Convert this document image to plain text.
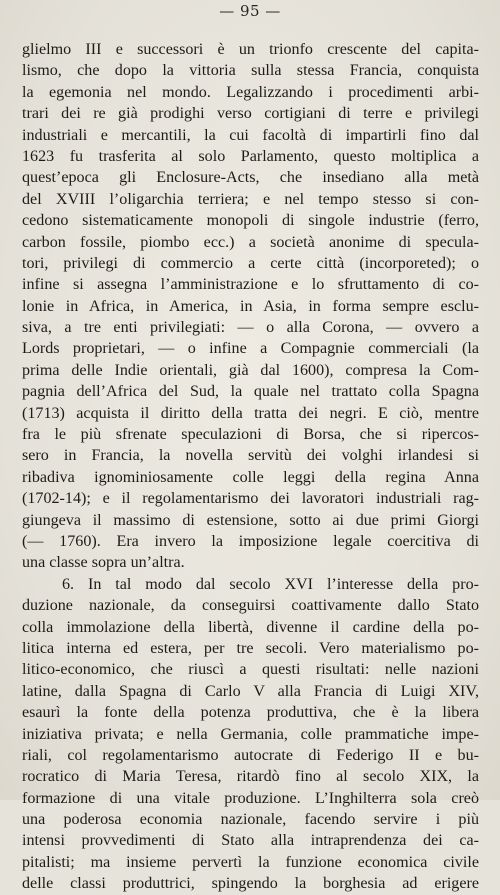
— 95 —
glielmo III e successori è un trionfo crescente del capita-
lismo, che dopo la vittoria sulla stessa Francia, conquista
la egemonia nel mondo. Legalizzando i procedimenti arbi-
trari dei re già prodighi verso cortigiani di terre e privilegi
industriali e mercantili, la cui facoltà di impartirli fino dal
1623 fu trasferita al solo Parlamento, questo moltiplica a
quest’epoca gli Enclosure-Acts, che insediano alla metà
del XVIII l’oligarchia terriera; e nel tempo stesso si con-
cedono sistematicamente monopoli di singole industrie (ferro,
carbon fossile, piombo ecc.) a società anonime di specula-
tori, privilegi di commercio a certe città (incorporeted); o
infine si assegna l’amministrazione e lo sfruttamento di co-
lonie in Africa, in America, in Asia, in forma sempre esclu-
siva, a tre enti privilegiati: — o alla Corona, — ovvero a
Lords proprietari, — o infine a Compagnie commerciali (la
prima delle Indie orientali, già dal 1600), compresa la Com-
pagnia dell’Africa del Sud, la quale nel trattato colla Spagna
(1713) acquista il diritto della tratta dei negri. E ciò, mentre
fra le più sfrenate speculazioni di Borsa, che si ripercos-
sero in Francia, la novella servitù dei volghi irlandesi si
ribadiva ignominiosamente colle leggi della regina Anna
(1702-14); e il regolamentarismo dei lavoratori industriali rag-
giungeva il massimo di estensione, sotto ai due primi Giorgi
(— 1760). Era invero la imposizione legale coercitiva di
una classe sopra un’altra.
6. In tal modo dal secolo XVI l’interesse della pro-
duzione nazionale, da conseguirsi coattivamente dallo Stato
colla immolazione della libertà, divenne il cardine della po-
litica interna ed estera, per tre secoli. Vero materialismo po-
litico-economico, che riuscì a questi risultati: nelle nazioni
latine, dalla Spagna di Carlo V alla Francia di Luigi XIV,
esaurì la fonte della potenza produttiva, che è la libera
iniziativa privata; e nella Germania, colle prammatiche impe-
riali, col regolamentarismo autocrate di Federigo II e bu-
rocratico di Maria Teresa, ritardò fino al secolo XIX, la
formazione di una vitale produzione. L’Inghilterra sola creò
una poderosa economia nazionale, facendo servire i più
intensi provvedimenti di Stato alla intraprendenza dei ca-
pitalisti; ma insieme pervertì la funzione economica civile
delle classi produttrici, spingendo la borghesia ad erigere
